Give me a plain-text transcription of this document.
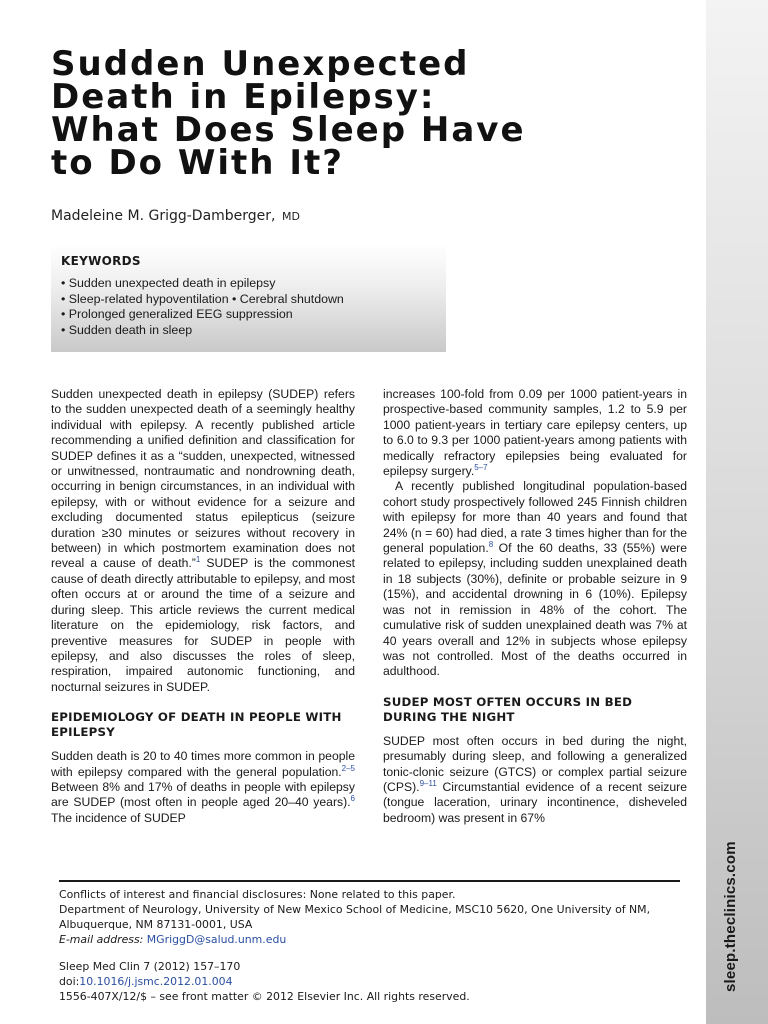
sleep.theclinics.com
Sudden Unexpected
Death in Epilepsy:
What Does Sleep Have
to Do With It?
Madeleine M. Grigg-Damberger, MD
KEYWORDS
• Sudden unexpected death in epilepsy
• Sleep-related hypoventilation • Cerebral shutdown
• Prolonged generalized EEG suppression
• Sudden death in sleep

Sudden unexpected death in epilepsy (SUDEP) refers to the sudden unexpected death of a seemingly healthy individual with epilepsy. A recently published article recommending a unified definition and classification for SUDEP defines it as a “sudden, unexpected, witnessed or unwitnessed, nontraumatic and nondrowning death, occurring in benign circumstances, in an individual with epilepsy, with or without evidence for a seizure and excluding documented status epilepticus (seizure duration ≥30 minutes or seizures without recovery in between) in which postmortem examination does not reveal a cause of death.”$^1$ SUDEP is the commonest cause of death directly attributable to epilepsy, and most often occurs at or around the time of a seizure and during sleep. This article reviews the current medical literature on the epidemiology, risk factors, and preventive measures for SUDEP in people with epilepsy, and also discusses the roles of sleep, respiration, impaired autonomic functioning, and nocturnal seizures in SUDEP.

EPIDEMIOLOGY OF DEATH IN PEOPLE WITH EPILEPSY

Sudden death is 20 to 40 times more common in people with epilepsy compared with the general population.$^{2-5}$ Between 8% and 17% of deaths in people with epilepsy are SUDEP (most often in people aged 20–40 years).$^6$ The incidence of SUDEP

increases 100-fold from 0.09 per 1000 patient-years in prospective-based community samples, 1.2 to 5.9 per 1000 patient-years in tertiary care epilepsy centers, up to 6.0 to 9.3 per 1000 patient-years among patients with medically refractory epilepsies being evaluated for epilepsy surgery.$^{5-7}$

A recently published longitudinal population-based cohort study prospectively followed 245 Finnish children with epilepsy for more than 40 years and found that 24% (n = 60) had died, a rate 3 times higher than for the general population.$^8$ Of the 60 deaths, 33 (55%) were related to epilepsy, including sudden unexplained death in 18 subjects (30%), definite or probable seizure in 9 (15%), and accidental drowning in 6 (10%). Epilepsy was not in remission in 48% of the cohort. The cumulative risk of sudden unexplained death was 7% at 40 years overall and 12% in subjects whose epilepsy was not controlled. Most of the deaths occurred in adulthood.

SUDEP MOST OFTEN OCCURS IN BED DURING THE NIGHT

SUDEP most often occurs in bed during the night, presumably during sleep, and following a generalized tonic-clonic seizure (GTCS) or complex partial seizure (CPS).$^{9-11}$ Circumstantial evidence of a recent seizure (tongue laceration, urinary incontinence, disheveled bedroom) was present in 67%

Conflicts of interest and financial disclosures: None related to this paper.
Department of Neurology, University of New Mexico School of Medicine, MSC10 5620, One University of NM, Albuquerque, NM 87131-0001, USA
E-mail address: MGriggD@salud.unm.edu
Sleep Med Clin 7 (2012) 157–170
doi:10.1016/j.jsmc.2012.01.004
1556-407X/12/$ – see front matter © 2012 Elsevier Inc. All rights reserved.
